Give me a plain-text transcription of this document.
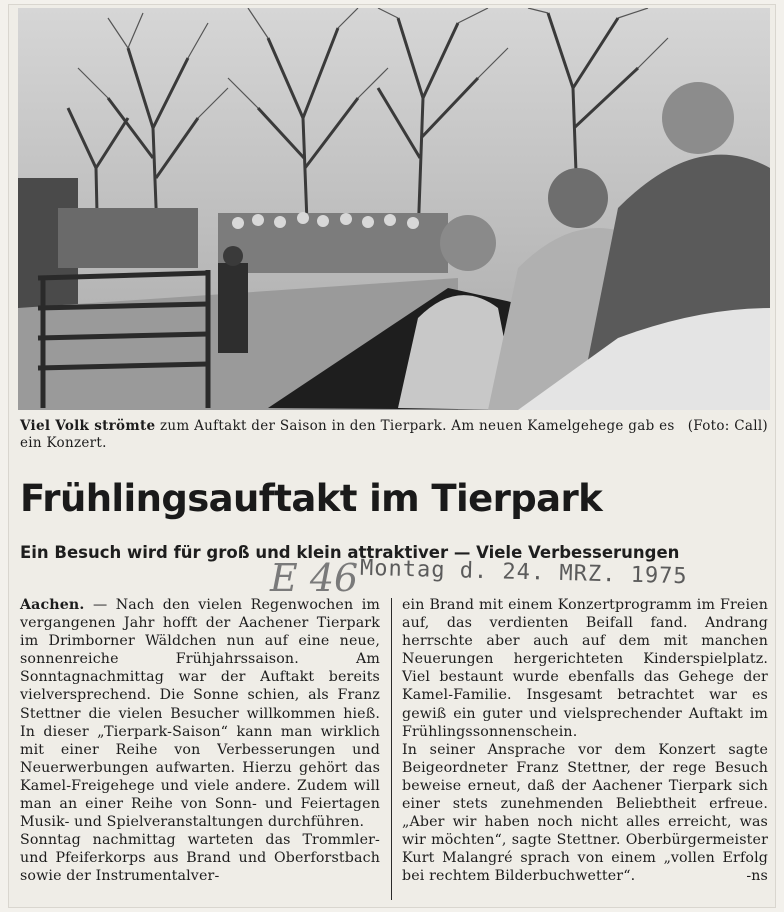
(Foto: Call)
Viel Volk strömte zum Auftakt der Saison in den Tierpark. Am neuen Kamelgehege gab es ein Konzert.
Frühlingsauftakt im Tierpark
Ein Besuch wird für groß und klein attraktiver — Viele Verbesserungen
E 46 Montag d. 24. MRZ. 1975

Aachen. — Nach den vielen Regenwochen im vergangenen Jahr hofft der Aachener Tierpark im Drimborner Wäldchen nun auf eine neue, sonnenreiche Frühjahrssaison. Am Sonntagnachmittag war der Auftakt bereits vielversprechend. Die Sonne schien, als Franz Stettner die vielen Besucher willkommen hieß. In dieser „Tierpark-Saison“ kann man wirklich mit einer Reihe von Verbesserungen und Neuerwerbungen aufwarten. Hierzu gehört das Kamel-Freigehege und viele andere. Zudem will man an einer Reihe von Sonn- und Feiertagen Musik- und Spielveranstaltungen durchführen.

Sonntag nachmittag warteten das Trommler- und Pfeiferkorps aus Brand und Oberforstbach sowie der Instrumentalver-

ein Brand mit einem Konzertprogramm im Freien auf, das verdienten Beifall fand. Andrang herrschte aber auch auf dem mit manchen Neuerungen hergerichteten Kinderspielplatz. Viel bestaunt wurde ebenfalls das Gehege der Kamel-Familie. Insgesamt betrachtet war es gewiß ein guter und vielsprechender Auftakt im Frühlingssonnenschein.

In seiner Ansprache vor dem Konzert sagte Beigeordneter Franz Stettner, der rege Besuch beweise erneut, daß der Aachener Tierpark sich einer stets zunehmenden Beliebtheit erfreue. „Aber wir haben noch nicht alles erreicht, was wir möchten“, sagte Stettner. Oberbürgermeister Kurt Malangré sprach von einem „vollen Erfolg bei rechtem Bilderbuchwetter“.	-ns
